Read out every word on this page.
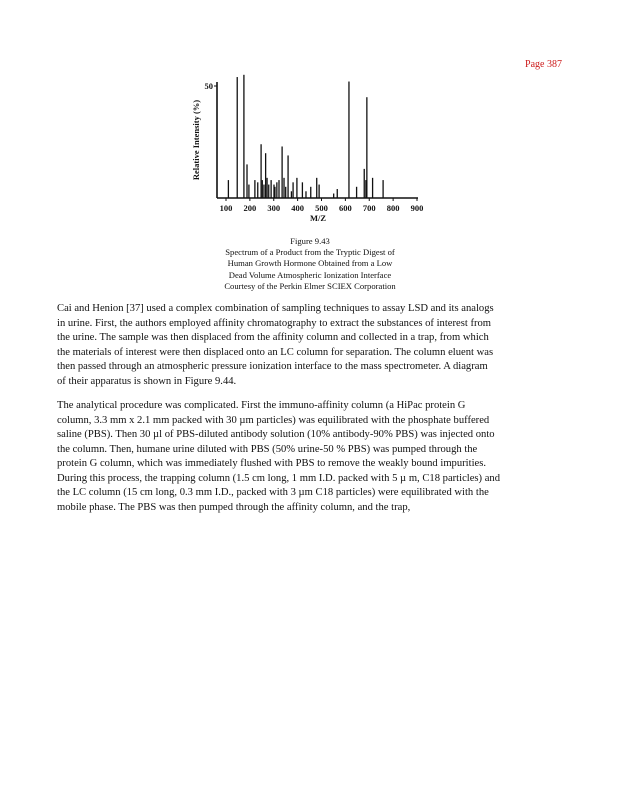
Page 387
Relative Intensity (%)
M/Z
100 200 300 400 500 600 700 800 900
50
Figure 9.43
Spectrum of a Product from the Tryptic Digest of
Human Growth Hormone Obtained from a Low
Dead Volume Atmospheric Ionization Interface
Courtesy of the Perkin Elmer SCIEX Corporation
Cai and Henion [37] used a complex combination of sampling techniques to assay LSD and its analogs
in urine. First, the authors employed affinity chromatography to extract the substances of interest from
the urine. The sample was then displaced from the affinity column and collected in a trap, from which
the materials of interest were then displaced onto an LC column for separation. The column eluent was
then passed through an atmospheric pressure ionization interface to the mass spectrometer. A diagram
of their apparatus is shown in Figure 9.44.
The analytical procedure was complicated. First the immuno-affinity column (a HiPac protein G
column, 3.3 mm x 2.1 mm packed with 30 µm particles) was equilibrated with the phosphate buffered
saline (PBS). Then 30 µl of PBS-diluted antibody solution (10% antibody-90% PBS) was injected onto
the column. Then, humane urine diluted with PBS (50% urine-50 % PBS) was pumped through the
protein G column, which was immediately flushed with PBS to remove the weakly bound impurities.
During this process, the trapping column (1.5 cm long, 1 mm I.D. packed with 5 µ m, C18 particles) and
the LC column (15 cm long, 0.3 mm I.D., packed with 3 µm C18 particles) were equilibrated with the
mobile phase. The PBS was then pumped through the affinity column, and the trap,
